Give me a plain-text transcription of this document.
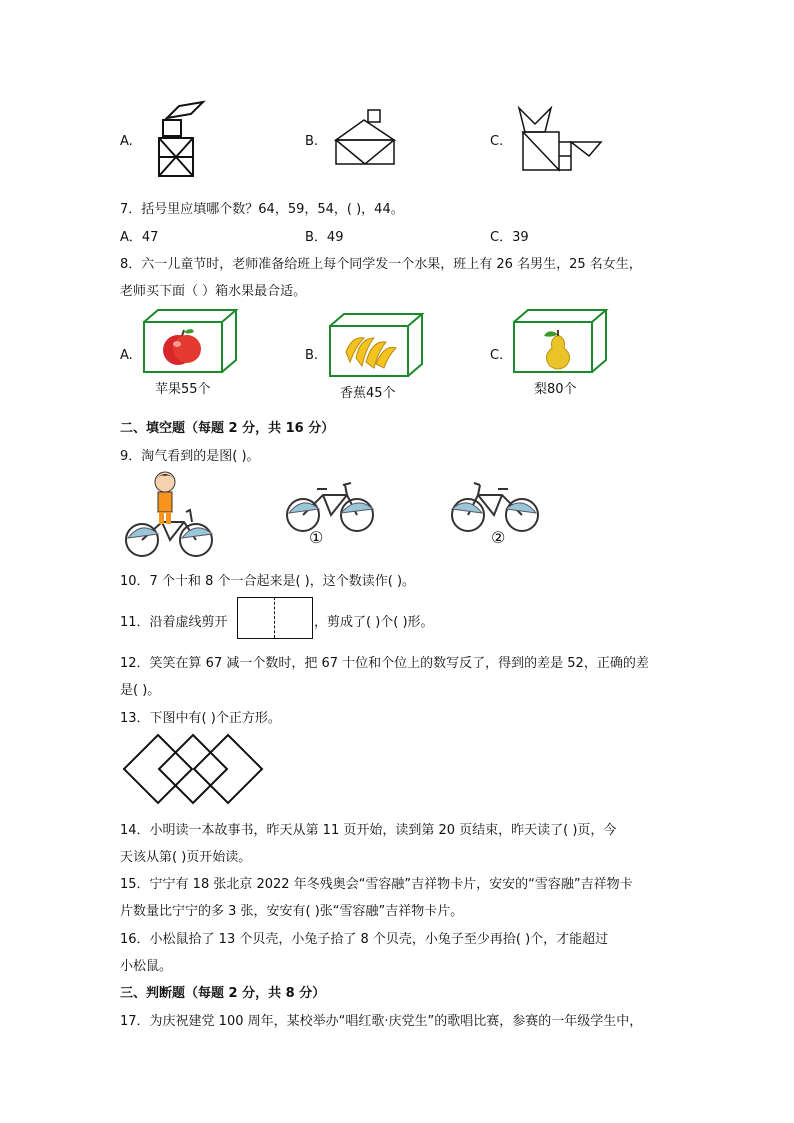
A.	B.	C.
7．括号里应填哪个数？64，59，54，( )，44。
A．47	B．49	C．39
8．六一儿童节时，老师准备给班上每个同学发一个水果，班上有 26 名男生，25 名女生，
老师买下面（ ）箱水果最合适。
A.
苹果55个
B.
香蕉45个
C.
梨80个
二、填空题（每题 2 分，共 16 分）
9．淘气看到的是图( )。
①	②
10．7 个十和 8 个一合起来是( )，这个数读作( )。
11．沿着虚线剪开	，剪成了( )个( )形。
12．笑笑在算 67 减一个数时，把 67 十位和个位上的数写反了，得到的差是 52，正确的差
是( )。
13．下图中有( )个正方形。
14．小明读一本故事书，昨天从第 11 页开始，读到第 20 页结束，昨天读了( )页，今
天该从第( )页开始读。
15．宁宁有 18 张北京 2022 年冬残奥会“雪容融”吉祥物卡片，安安的“雪容融”吉祥物卡
片数量比宁宁的多 3 张，安安有( )张“雪容融”吉祥物卡片。
16．小松鼠拾了 13 个贝壳，小兔子拾了 8 个贝壳，小兔子至少再拾( )个，才能超过
小松鼠。
三、判断题（每题 2 分，共 8 分）
17．为庆祝建党 100 周年，某校举办“唱红歌·庆党生”的歌唱比赛，参赛的一年级学生中，
